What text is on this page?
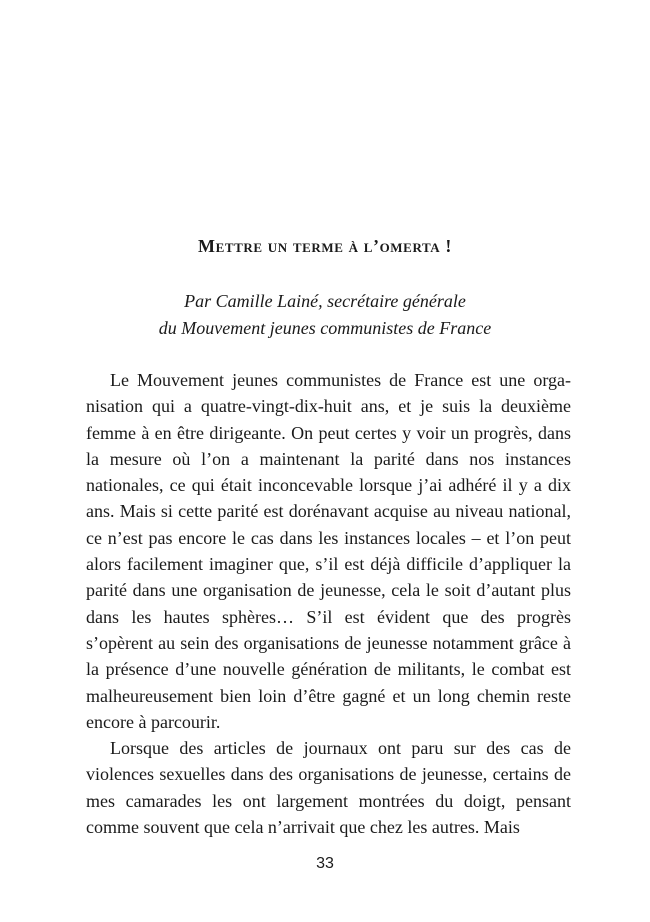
Mettre un terme à l’omerta !
Par Camille Lainé, secrétaire générale
du Mouvement jeunes communistes de France

Le Mouvement jeunes communistes de France est une organisation qui a quatre-vingt-dix-huit ans, et je suis la deuxième femme à en être dirigeante. On peut certes y voir un progrès, dans la mesure où l’on a maintenant la parité dans nos instances nationales, ce qui était inconcevable lorsque j’ai adhéré il y a dix ans. Mais si cette parité est dorénavant acquise au niveau national, ce n’est pas encore le cas dans les instances locales – et l’on peut alors facilement imaginer que, s’il est déjà difficile d’appliquer la parité dans une organisation de jeunesse, cela le soit d’autant plus dans les hautes sphères… S’il est évident que des progrès s’opèrent au sein des organisations de jeunesse notamment grâce à la présence d’une nouvelle génération de militants, le combat est malheureusement bien loin d’être gagné et un long chemin reste encore à parcourir.

Lorsque des articles de journaux ont paru sur des cas de violences sexuelles dans des organisations de jeunesse, certains de mes camarades les ont largement montrées du doigt, pensant comme souvent que cela n’arrivait que chez les autres. Mais

33
